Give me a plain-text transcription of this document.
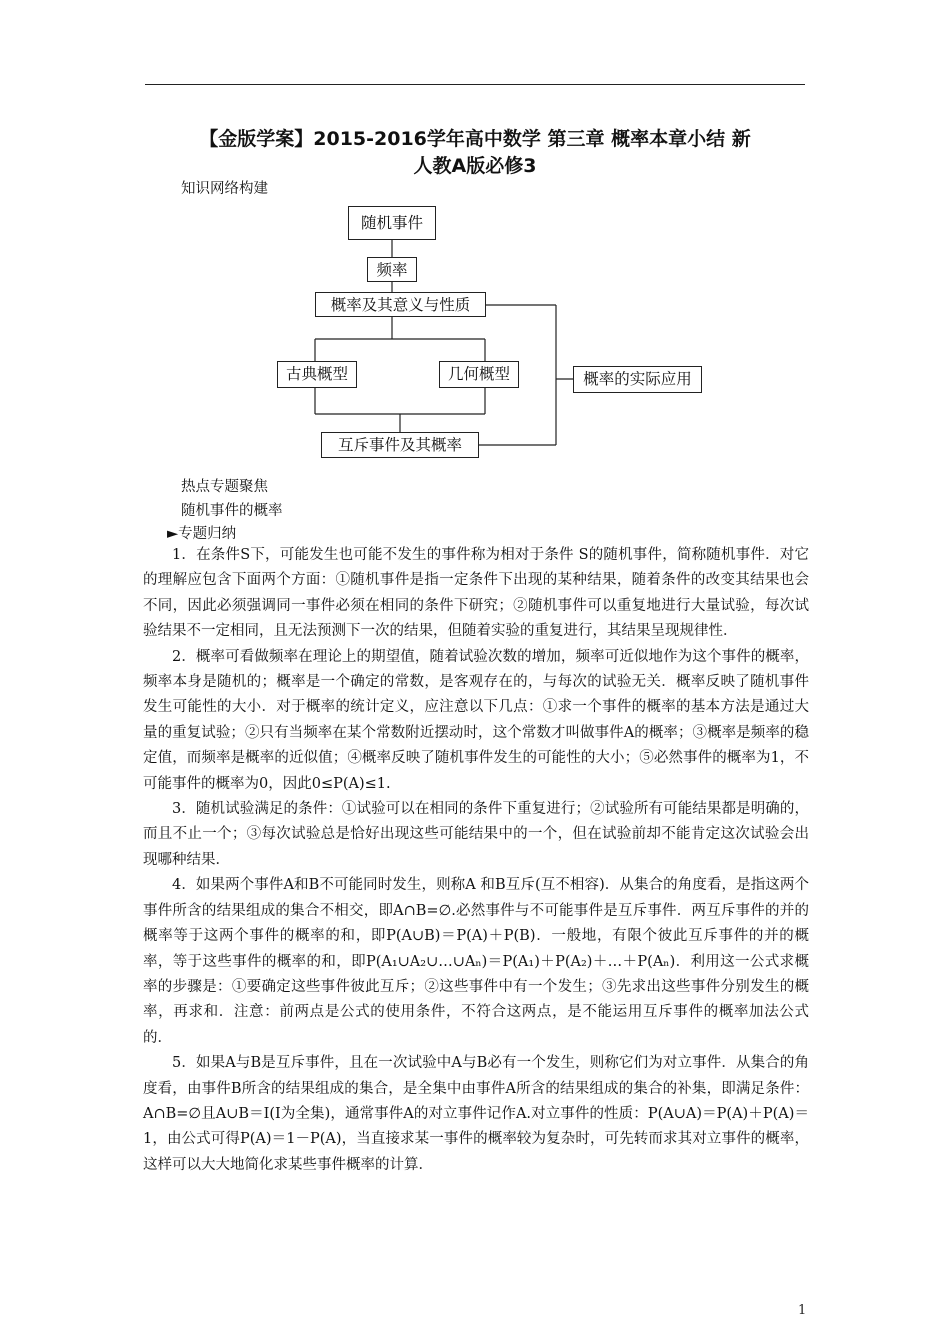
【金版学案】2015-2016学年高中数学 第三章 概率本章小结 新
人教A版必修3
知识网络构建
随机事件
频率
概率及其意义与性质
古典概型	几何概型	概率的实际应用
互斥事件及其概率
热点专题聚焦
随机事件的概率
►专题归纳

1．在条件S下，可能发生也可能不发生的事件称为相对于条件 S的随机事件，简称随机事件．对它的理解应包含下面两个方面：①随机事件是指一定条件下出现的某种结果，随着条件的改变其结果也会不同，因此必须强调同一事件必须在相同的条件下研究；②随机事件可以重复地进行大量试验，每次试验结果不一定相同，且无法预测下一次的结果，但随着实验的重复进行，其结果呈现规律性．

2．概率可看做频率在理论上的期望值，随着试验次数的增加，频率可近似地作为这个事件的概率，频率本身是随机的；概率是一个确定的常数，是客观存在的，与每次的试验无关．概率反映了随机事件发生可能性的大小．对于概率的统计定义，应注意以下几点：①求一个事件的概率的基本方法是通过大量的重复试验；②只有当频率在某个常数附近摆动时，这个常数才叫做事件A的概率；③概率是频率的稳定值，而频率是概率的近似值；④概率反映了随机事件发生的可能性的大小；⑤必然事件的概率为1，不可能事件的概率为0，因此0≤P(A)≤1.

3．随机试验满足的条件：①试验可以在相同的条件下重复进行；②试验所有可能结果都是明确的，而且不止一个；③每次试验总是恰好出现这些可能结果中的一个，但在试验前却不能肯定这次试验会出现哪种结果．

4．如果两个事件A和B不可能同时发生，则称A 和B互斥(互不相容)．从集合的角度看，是指这两个事件所含的结果组成的集合不相交，即A∩B=∅.必然事件与不可能事件是互斥事件．两互斥事件的并的概率等于这两个事件的概率的和，即P(A∪B)＝P(A)＋P(B)．一般地，有限个彼此互斥事件的并的概率，等于这些事件的概率的和，即P(A₁∪A₂∪…∪Aₙ)＝P(A₁)＋P(A₂)＋…＋P(Aₙ)．利用这一公式求概率的步骤是：①要确定这些事件彼此互斥；②这些事件中有一个发生；③先求出这些事件分别发生的概率，再求和．注意：前两点是公式的使用条件，不符合这两点，是不能运用互斥事件的概率加法公式的．

5．如果A与B是互斥事件，且在一次试验中A与B必有一个发生，则称它们为对立事件．从集合的角度看，由事件B所含的结果组成的集合，是全集中由事件A所含的结果组成的集合的补集，即满足条件：A∩B=∅且A∪B＝I(I为全集)，通常事件A的对立事件记作A.对立事件的性质：P(A∪A)＝P(A)＋P(A)＝1，由公式可得P(A)＝1－P(A)，当直接求某一事件的概率较为复杂时，可先转而求其对立事件的概率，这样可以大大地简化求某些事件概率的计算．

1
